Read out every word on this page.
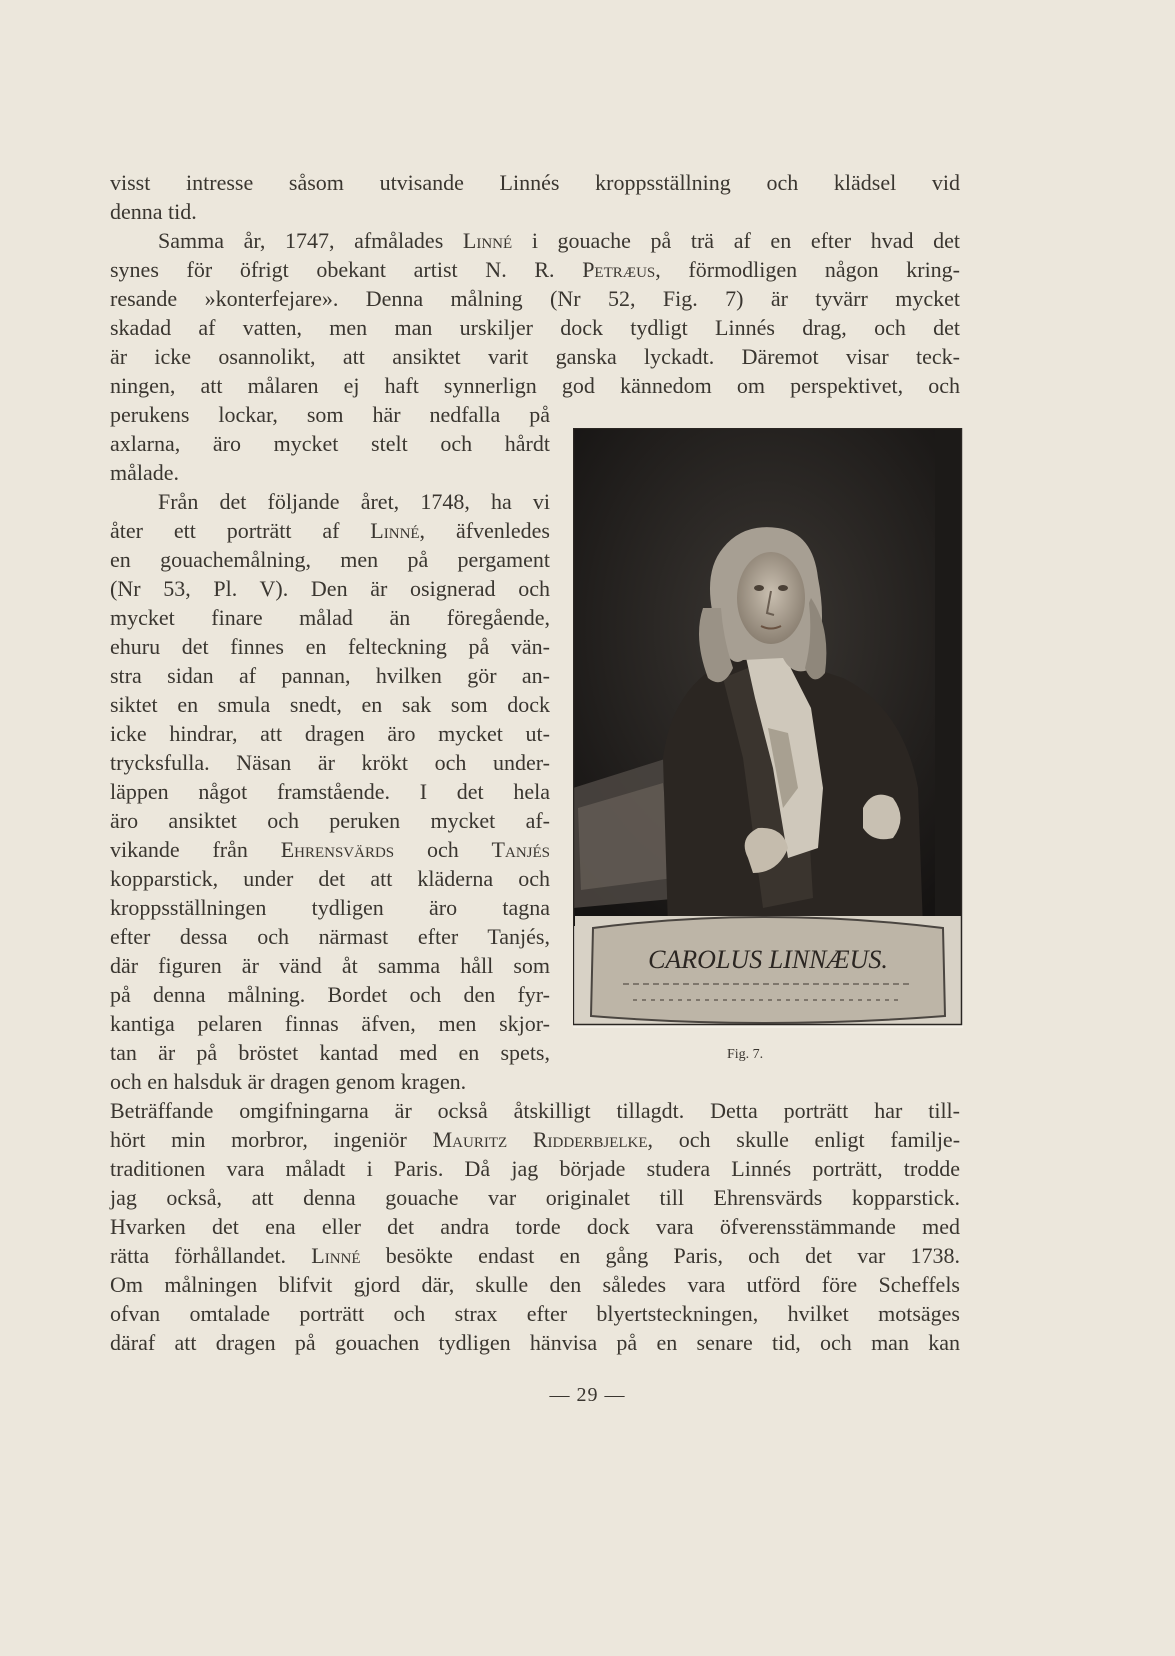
visst intresse såsom utvisande Linnés kroppsställning och klädsel vid
denna tid.
Samma år, 1747, afmålades Linné i gouache på trä af en efter hvad det
synes för öfrigt obekant artist N. R. Petræus, förmodligen någon kring-
resande »konterfejare». Denna målning (Nr 52, Fig. 7) är tyvärr mycket
skadad af vatten, men man urskiljer dock tydligt Linnés drag, och det
är icke osannolikt, att ansiktet varit ganska lyckadt. Däremot visar teck-
ningen, att målaren ej haft synnerlign god kännedom om perspektivet, och
perukens lockar, som här nedfalla på
axlarna, äro mycket stelt och hårdt
målade.
Från det följande året, 1748, ha vi
åter ett porträtt af Linné, äfvenledes
en gouachemålning, men på pergament
(Nr 53, Pl. V). Den är osignerad och
mycket finare målad än föregående,
ehuru det finnes en felteckning på vän-
stra sidan af pannan, hvilken gör an-
siktet en smula snedt, en sak som dock
icke hindrar, att dragen äro mycket ut-
trycksfulla. Näsan är krökt och under-
läppen något framstående. I det hela
äro ansiktet och peruken mycket af-
vikande från Ehrensvärds och Tanjés
kopparstick, under det att kläderna och
kroppsställningen tydligen äro tagna
efter dessa och närmast efter Tanjés,
där figuren är vänd åt samma håll som
på denna målning. Bordet och den fyr-
kantiga pelaren finnas äfven, men skjor-
tan är på bröstet kantad med en spets,
och en halsduk är dragen genom kragen.
Beträffande omgifningarna är också åtskilligt tillagdt. Detta porträtt har till-
hört min morbror, ingeniör Mauritz Ridderbjelke, och skulle enligt familje-
traditionen vara måladt i Paris. Då jag började studera Linnés porträtt, trodde
jag också, att denna gouache var originalet till Ehrensvärds kopparstick.
Hvarken det ena eller det andra torde dock vara öfverensstämmande med
rätta förhållandet. Linné besökte endast en gång Paris, och det var 1738.
Om målningen blifvit gjord där, skulle den således vara utförd före Scheffels
ofvan omtalade porträtt och strax efter blyertsteckningen, hvilket motsäges
däraf att dragen på gouachen tydligen hänvisa på en senare tid, och man kan
CAROLUS LINNÆUS.
Fig. 7.
— 29 —
